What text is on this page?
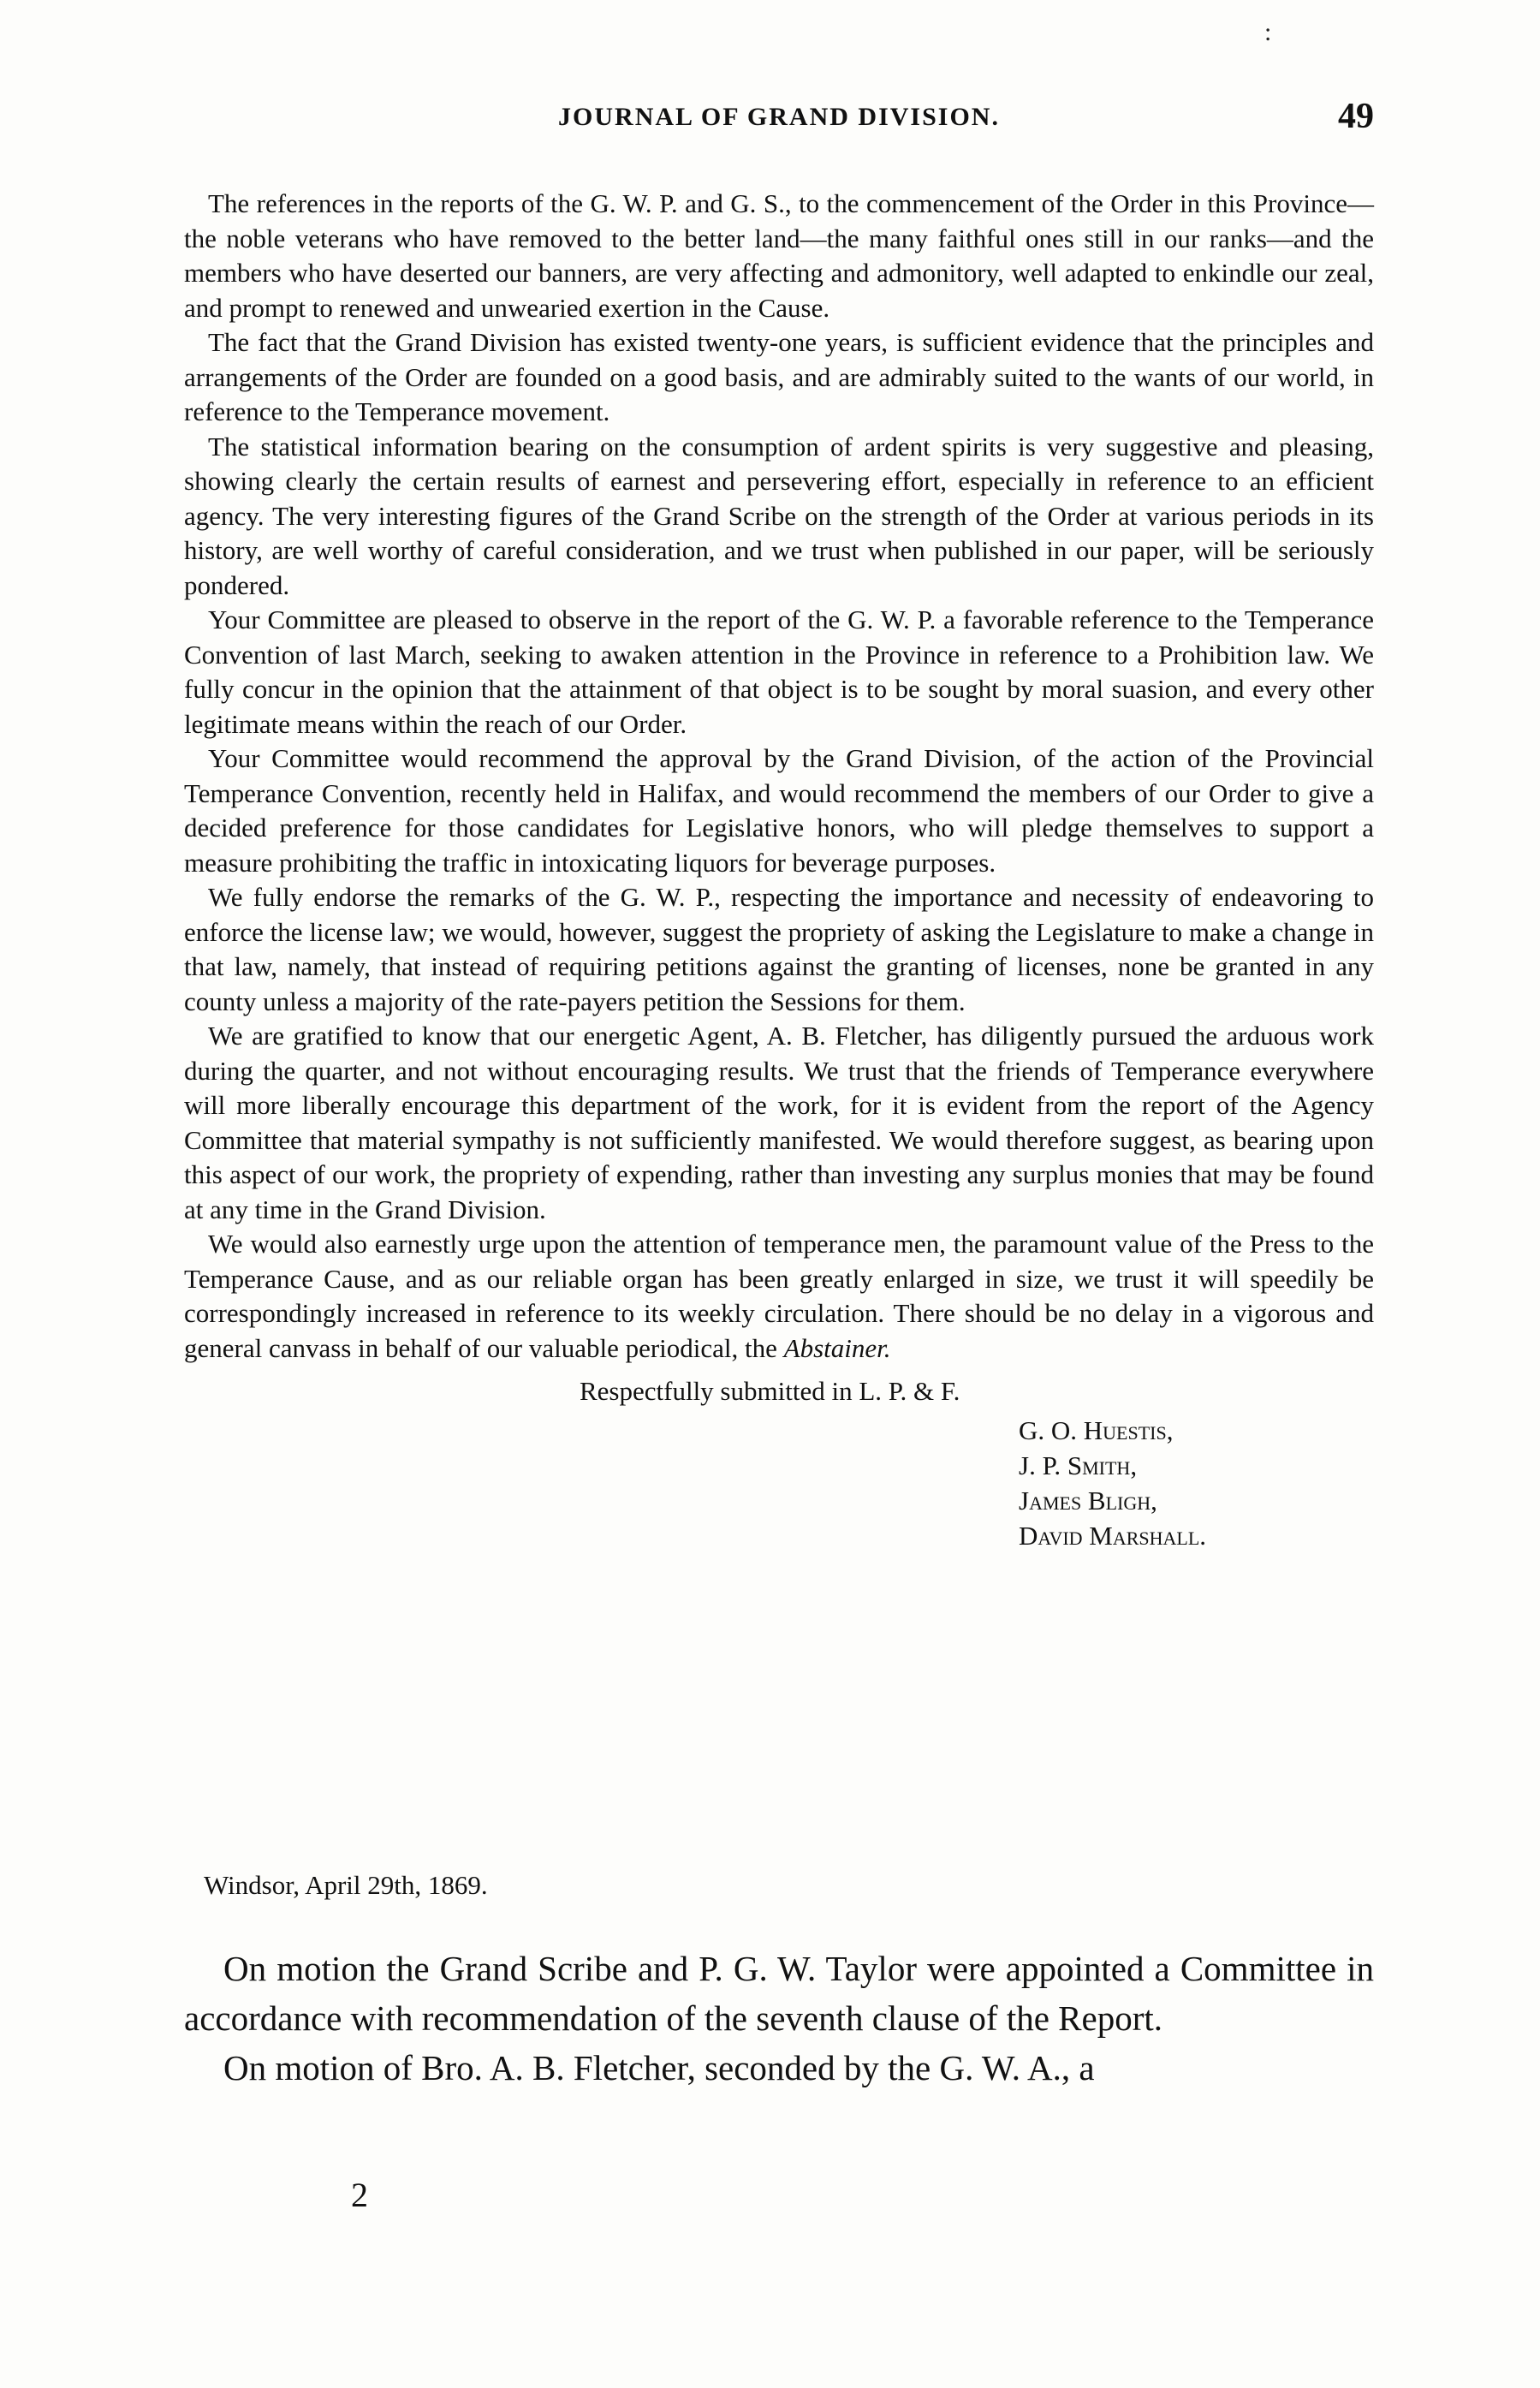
:
JOURNAL OF GRAND DIVISION.	49

The references in the reports of the G. W. P. and G. S., to the commencement of the Order in this Province—the noble veterans who have removed to the better land—the many faithful ones still in our ranks—and the members who have deserted our banners, are very affecting and admonitory, well adapted to enkindle our zeal, and prompt to renewed and unwearied exertion in the Cause.

The fact that the Grand Division has existed twenty-one years, is sufficient evidence that the principles and arrangements of the Order are founded on a good basis, and are admirably suited to the wants of our world, in reference to the Temperance movement.

The statistical information bearing on the consumption of ardent spirits is very suggestive and pleasing, showing clearly the certain results of earnest and persevering effort, especially in reference to an efficient agency. The very interesting figures of the Grand Scribe on the strength of the Order at various periods in its history, are well worthy of careful consideration, and we trust when published in our paper, will be seriously pondered.

Your Committee are pleased to observe in the report of the G. W. P. a favorable reference to the Temperance Convention of last March, seeking to awaken attention in the Province in reference to a Prohibition law. We fully concur in the opinion that the attainment of that object is to be sought by moral suasion, and every other legitimate means within the reach of our Order.

Your Committee would recommend the approval by the Grand Division, of the action of the Provincial Temperance Convention, recently held in Halifax, and would recommend the members of our Order to give a decided preference for those candidates for Legislative honors, who will pledge themselves to support a measure prohibiting the traffic in intoxicating liquors for beverage purposes.

We fully endorse the remarks of the G. W. P., respecting the importance and necessity of endeavoring to enforce the license law; we would, however, suggest the propriety of asking the Legislature to make a change in that law, namely, that instead of requiring petitions against the granting of licenses, none be granted in any county unless a majority of the rate-payers petition the Sessions for them.

We are gratified to know that our energetic Agent, A. B. Fletcher, has diligently pursued the arduous work during the quarter, and not without encouraging results. We trust that the friends of Temperance everywhere will more liberally encourage this department of the work, for it is evident from the report of the Agency Committee that material sympathy is not sufficiently manifested. We would therefore suggest, as bearing upon this aspect of our work, the propriety of expending, rather than investing any surplus monies that may be found at any time in the Grand Division.

We would also earnestly urge upon the attention of temperance men, the paramount value of the Press to the Temperance Cause, and as our reliable organ has been greatly enlarged in size, we trust it will speedily be correspondingly increased in reference to its weekly circulation. There should be no delay in a vigorous and general canvass in behalf of our valuable periodical, the Abstainer.

Respectfully submitted in L. P. & F.
G. O. Huestis,
J. P. Smith,
James Bligh,
David Marshall.
Windsor, April 29th, 1869.

On motion the Grand Scribe and P. G. W. Taylor were appointed a Committee in accordance with recommendation of the seventh clause of the Report.

On motion of Bro. A. B. Fletcher, seconded by the G. W. A., a

2
